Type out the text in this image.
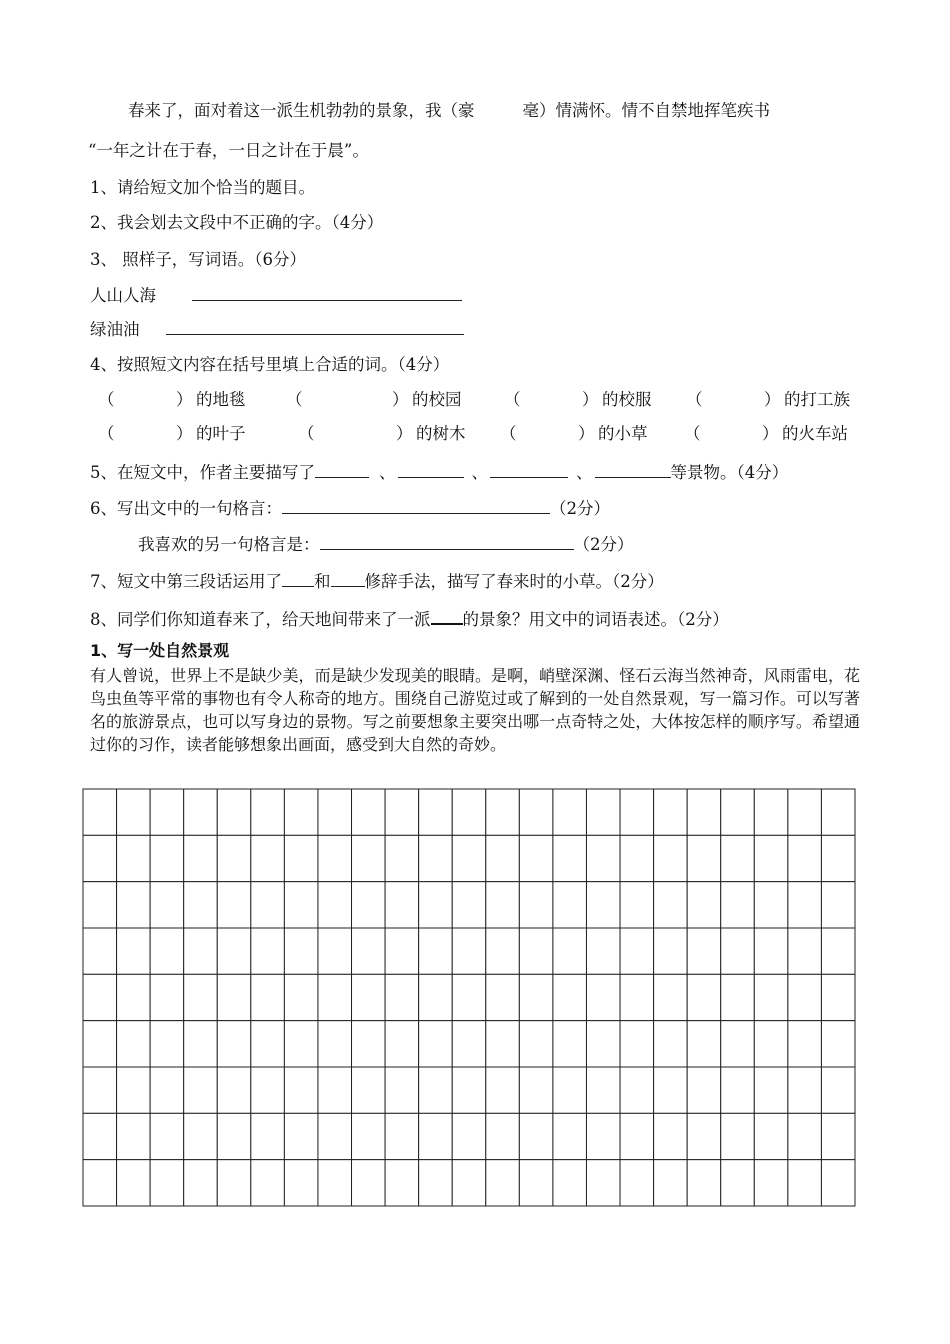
春来了，面对着这一派生机勃勃的景象，我（豪	毫）情满怀。情不自禁地挥笔疾书
“一年之计在于春，一日之计在于晨”。
1、请给短文加个恰当的题目。
2、我会划去文段中不正确的字。（4分）
3、 照样子，写词语。（6分）
人山人海
绿油油
4、按照短文内容在括号里填上合适的词。（4分）
（	） 的地毯 （	） 的校园	（	） 的校服 （	） 的打工族
（	） 的叶子	（	） 的树木 （	） 的小草 （	） 的火车站
5、在短文中，作者主要描写了	、	、	、	等景物。（4分）
6、写出文中的一句格言：	（2分）
我喜欢的另一句格言是：	（2分）
7、短文中第三段话运用了 和 修辞手法，描写了春来时的小草。（2分）
8、同学们你知道春来了，给天地间带来了一派 的景象？用文中的词语表述。（2分）
1、写一处自然景观
有人曾说，世界上不是缺少美，而是缺少发现美的眼睛。是啊，峭壁深渊、怪石云海当然神奇，风雨雷电，花鸟虫鱼等平常的事物也有令人称奇的地方。围绕自己游览过或了解到的一处自然景观，写一篇习作。可以写著名的旅游景点，也可以写身边的景物。写之前要想象主要突出哪一点奇特之处，大体按怎样的顺序写。希望通过你的习作，读者能够想象出画面，感受到大自然的奇妙。
